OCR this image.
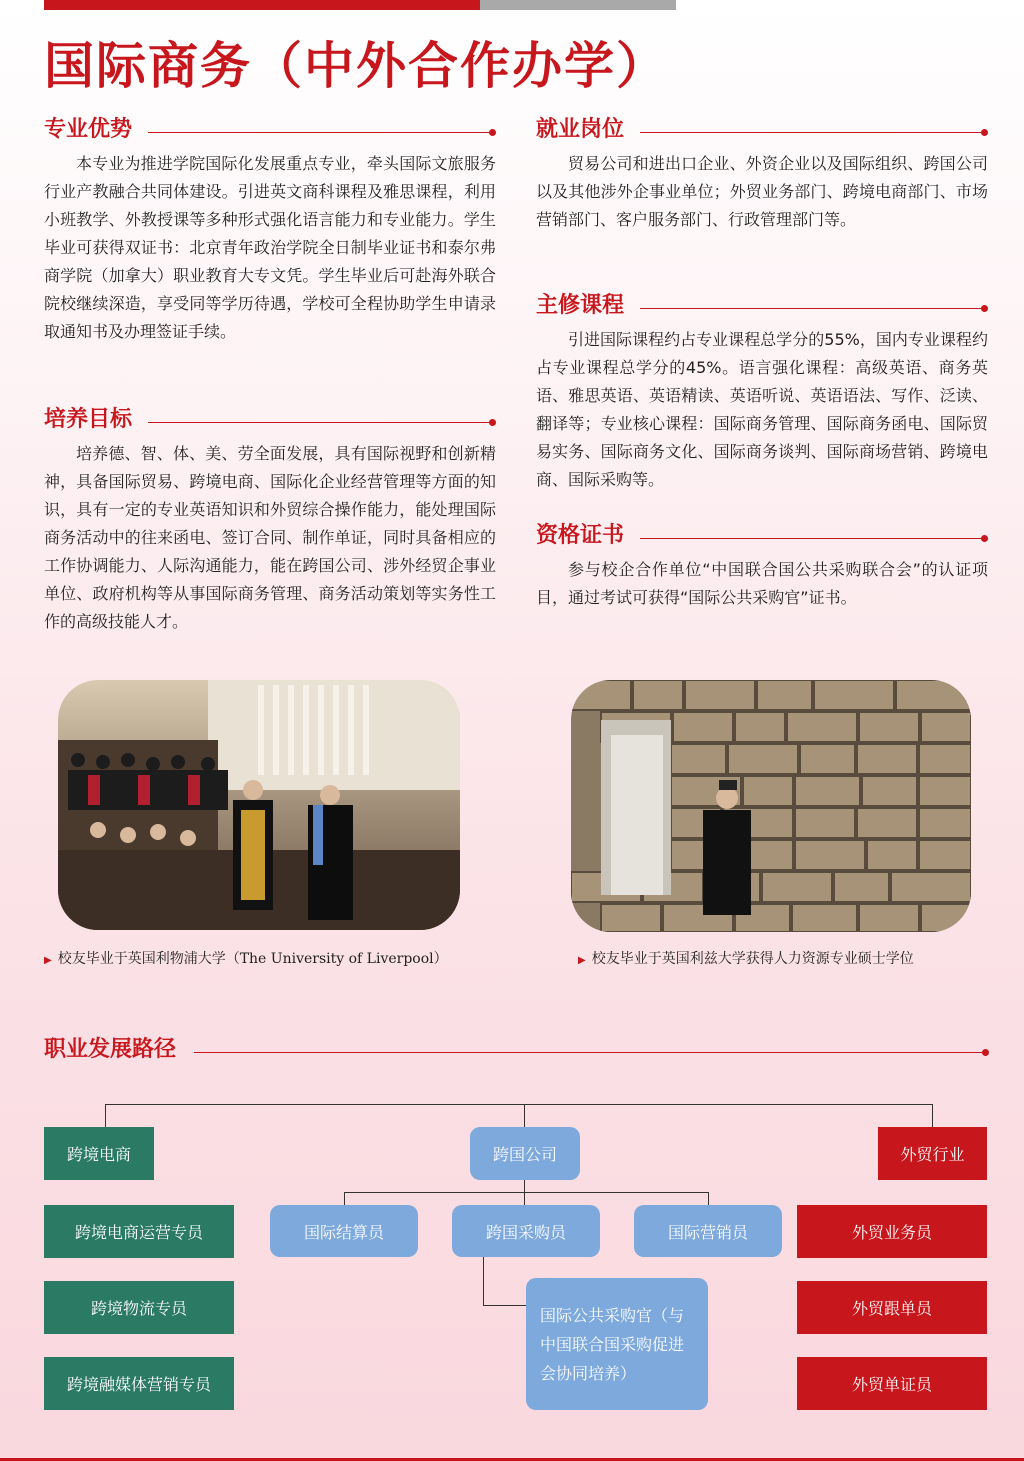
国际商务（中外合作办学）
专业优势

本专业为推进学院国际化发展重点专业，牵头国际文旅服务行业产教融合共同体建设。引进英文商科课程及雅思课程，利用小班教学、外教授课等多种形式强化语言能力和专业能力。学生毕业可获得双证书：北京青年政治学院全日制毕业证书和泰尔弗商学院（加拿大）职业教育大专文凭。学生毕业后可赴海外联合院校继续深造，享受同等学历待遇，学校可全程协助学生申请录取通知书及办理签证手续。

培养目标

培养德、智、体、美、劳全面发展，具有国际视野和创新精神，具备国际贸易、跨境电商、国际化企业经营管理等方面的知识，具有一定的专业英语知识和外贸综合操作能力，能处理国际商务活动中的往来函电、签订合同、制作单证，同时具备相应的工作协调能力、人际沟通能力，能在跨国公司、涉外经贸企事业单位、政府机构等从事国际商务管理、商务活动策划等实务性工作的高级技能人才。

就业岗位

贸易公司和进出口企业、外资企业以及国际组织、跨国公司以及其他涉外企事业单位；外贸业务部门、跨境电商部门、市场营销部门、客户服务部门、行政管理部门等。

主修课程

引进国际课程约占专业课程总学分的55%，国内专业课程约占专业课程总学分的45%。语言强化课程：高级英语、商务英语、雅思英语、英语精读、英语听说、英语语法、写作、泛读、翻译等；专业核心课程：国际商务管理、国际商务函电、国际贸易实务、国际商务文化、国际商务谈判、国际商场营销、跨境电商、国际采购等。

资格证书

参与校企合作单位“中国联合国公共采购联合会”的认证项目，通过考试可获得“国际公共采购官”证书。

▶ 校友毕业于英国利物浦大学（The University of Liverpool）	▶ 校友毕业于英国利兹大学获得人力资源专业硕士学位
职业发展路径
跨境电商	跨国公司	外贸行业
跨境电商运营专员
跨境物流专员
跨境融媒体营销专员
国际结算员	跨国采购员	国际营销员
国际公共采购官（与中国联合国采购促进会协同培养）
外贸业务员
外贸跟单员
外贸单证员
